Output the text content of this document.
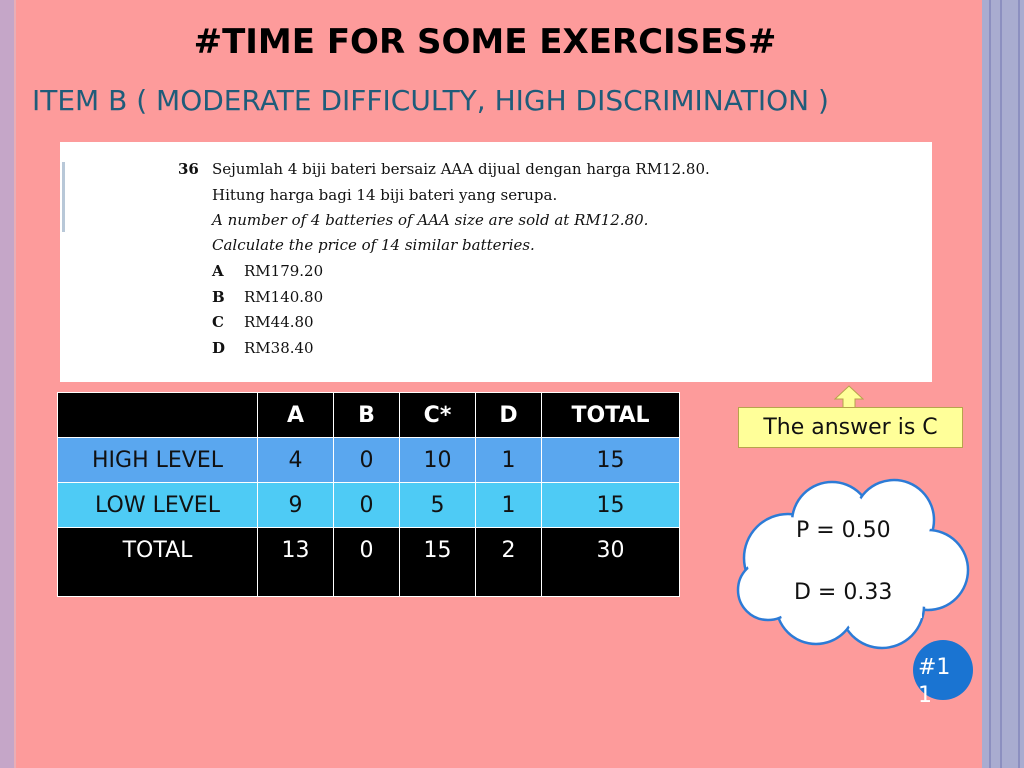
#TIME FOR SOME EXERCISES#
ITEM B ( MODERATE DIFFICULTY, HIGH DISCRIMINATION )
36 Sejumlah 4 biji bateri bersaiz AAA dijual dengan harga RM12.80.
Hitung harga bagi 14 biji bateri yang serupa.
A number of 4 batteries of AAA size are sold at RM12.80.
Calculate the price of 14 similar batteries.
A RM179.20
B RM140.80
C RM44.80
D RM38.40
	A	B	C*	D	TOTAL
HIGH LEVEL	4	0	10	1	15
LOW LEVEL	9	0	5	1	15
TOTAL	13	0	15	2	30
The answer is C
P = 0.50
D = 0.33
#11
